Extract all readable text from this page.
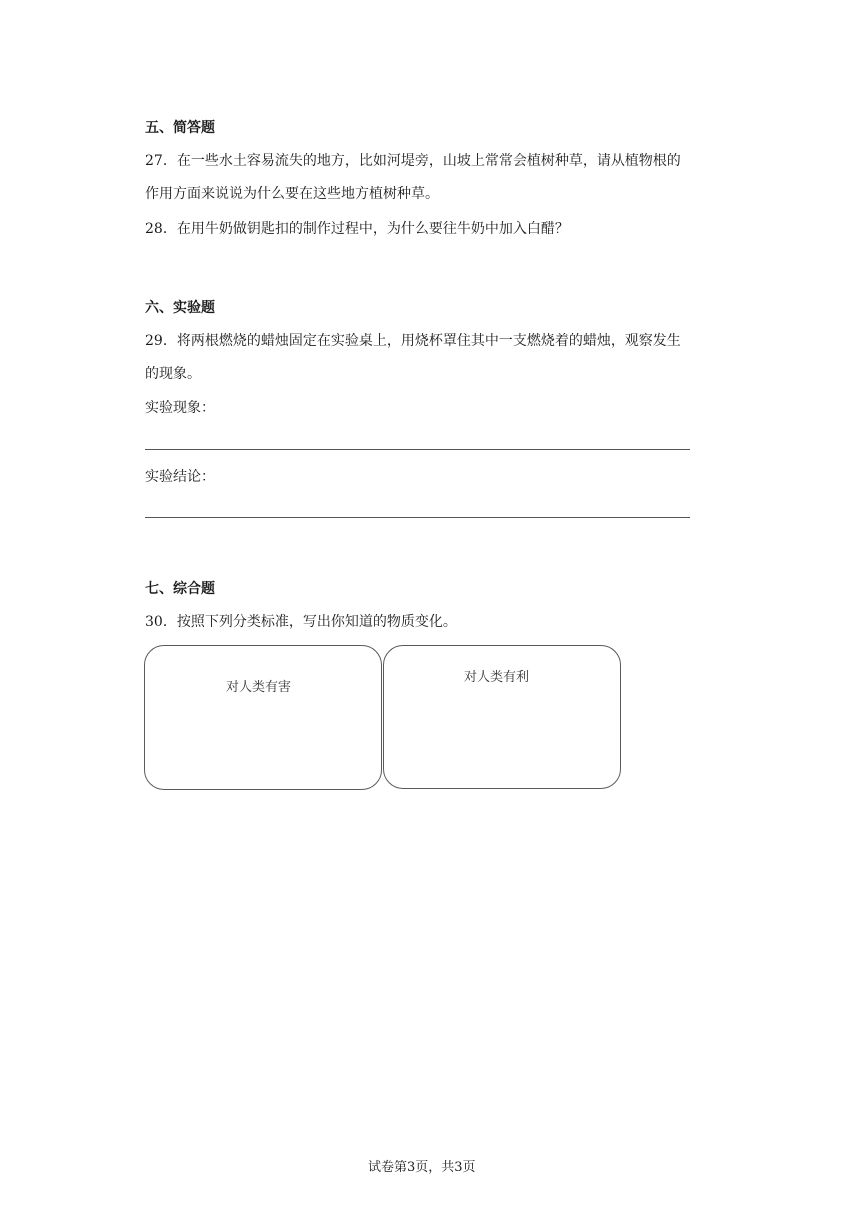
五、简答题
27．在一些水土容易流失的地方，比如河堤旁，山坡上常常会植树种草，请从植物根的
作用方面来说说为什么要在这些地方植树种草。
28．在用牛奶做钥匙扣的制作过程中，为什么要往牛奶中加入白醋？
六、实验题
29．将两根燃烧的蜡烛固定在实验桌上，用烧杯罩住其中一支燃烧着的蜡烛，观察发生
的现象。
实验现象：
实验结论：
七、综合题
30．按照下列分类标准，写出你知道的物质变化。
对人类有害
对人类有利
试卷第3页，共3页
